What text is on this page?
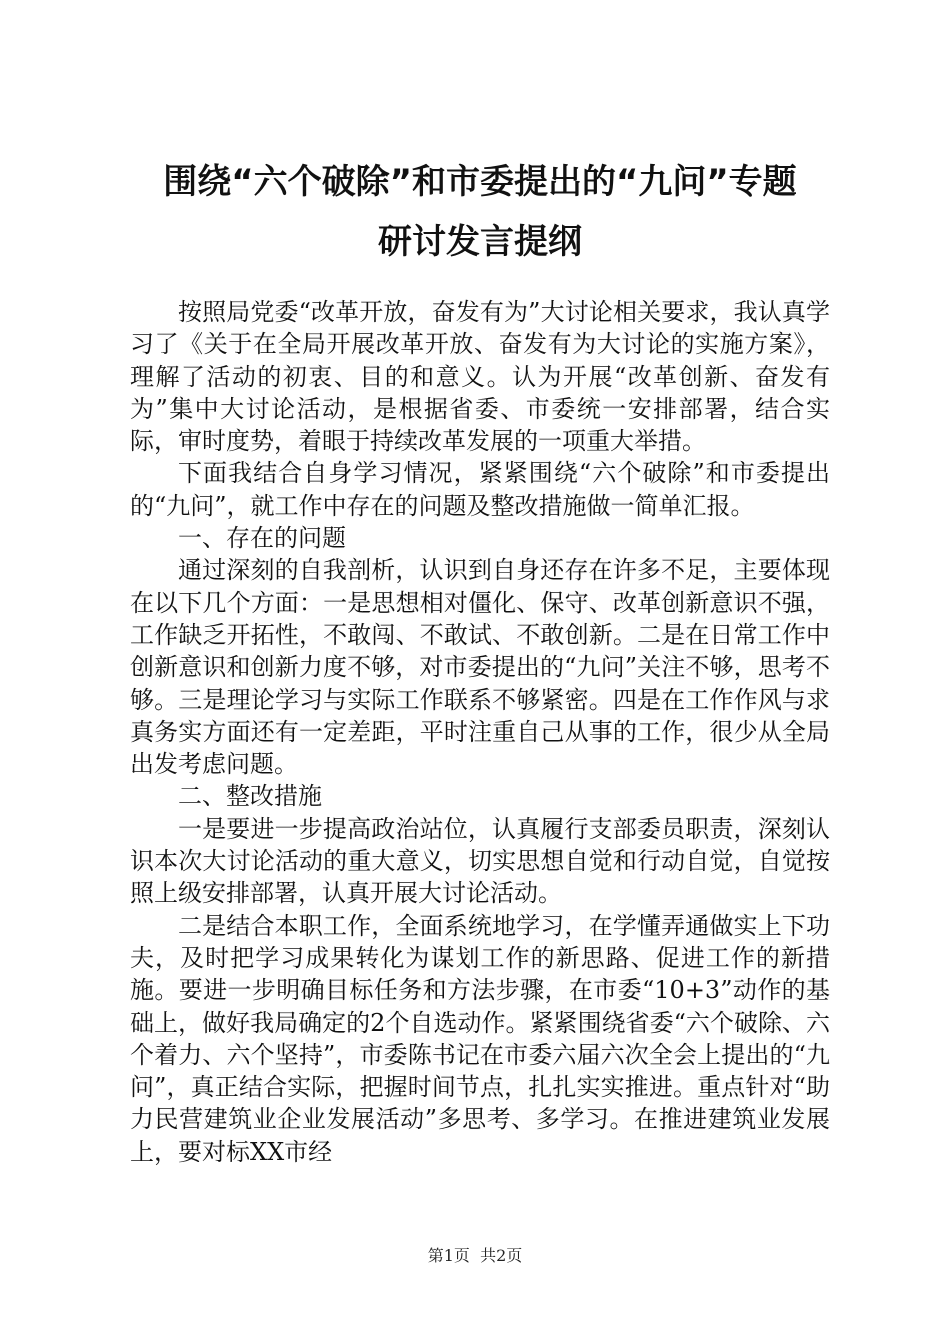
围绕“六个破除”和市委提出的“九问”专题
研讨发言提纲

按照局党委“改革开放，奋发有为”大讨论相关要求，我认真学习了《关于在全局开展改革开放、奋发有为大讨论的实施方案》，理解了活动的初衷、目的和意义。认为开展“改革创新、奋发有为”集中大讨论活动，是根据省委、市委统一安排部署，结合实际，审时度势，着眼于持续改革发展的一项重大举措。

下面我结合自身学习情况，紧紧围绕“六个破除”和市委提出的“九问”，就工作中存在的问题及整改措施做一简单汇报。

一、存在的问题

通过深刻的自我剖析，认识到自身还存在许多不足，主要体现在以下几个方面：一是思想相对僵化、保守、改革创新意识不强，工作缺乏开拓性，不敢闯、不敢试、不敢创新。二是在日常工作中创新意识和创新力度不够，对市委提出的“九问”关注不够，思考不够。三是理论学习与实际工作联系不够紧密。四是在工作作风与求真务实方面还有一定差距，平时注重自己从事的工作，很少从全局出发考虑问题。

二、整改措施

一是要进一步提高政治站位，认真履行支部委员职责，深刻认识本次大讨论活动的重大意义，切实思想自觉和行动自觉，自觉按照上级安排部署，认真开展大讨论活动。

二是结合本职工作，全面系统地学习，在学懂弄通做实上下功夫，及时把学习成果转化为谋划工作的新思路、促进工作的新措施。要进一步明确目标任务和方法步骤，在市委“10+3”动作的基础上，做好我局确定的2个自选动作。紧紧围绕省委“六个破除、六个着力、六个坚持”，市委陈书记在市委六届六次全会上提出的“九问”，真正结合实际，把握时间节点，扎扎实实推进。重点针对“助力民营建筑业企业发展活动”多思考、多学习。在推进建筑业发展上，要对标XX市经

第1页  共2页
